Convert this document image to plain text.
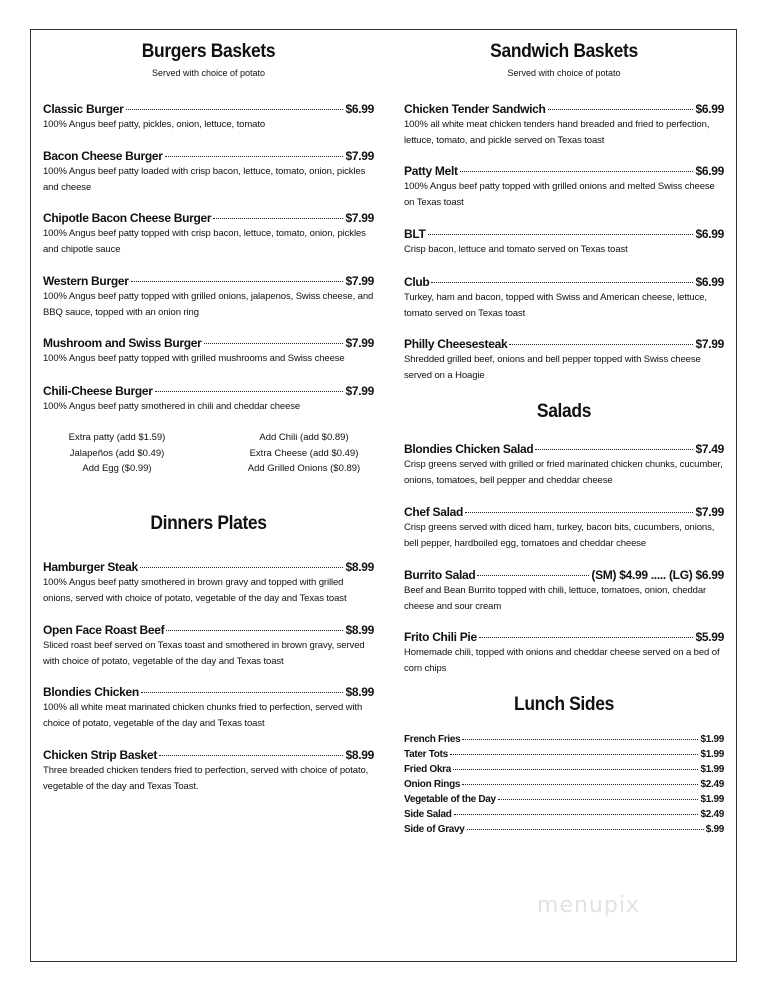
Burgers Baskets
Served with choice of potato
Classic Burger	$6.99
100% Angus beef patty, pickles, onion, lettuce, tomato
Bacon Cheese Burger	$7.99
100% Angus beef patty loaded with crisp bacon, lettuce, tomato, onion, pickles and cheese
Chipotle Bacon Cheese Burger	$7.99
100% Angus beef patty topped with crisp bacon, lettuce, tomato, onion, pickles and chipotle sauce
Western Burger	$7.99
100% Angus beef patty topped with grilled onions, jalapenos, Swiss cheese, and BBQ sauce, topped with an onion ring
Mushroom and Swiss Burger	$7.99
100% Angus beef patty topped with grilled mushrooms and Swiss cheese
Chili-Cheese Burger	$7.99
100% Angus beef patty smothered in chili and cheddar cheese
Extra patty (add $1.59)
Jalapeños (add $0.49)
Add Egg ($0.99)
Add Chili (add $0.89)
Extra Cheese (add $0.49)
Add Grilled Onions ($0.89)
Dinners Plates
Hamburger Steak	$8.99
100% Angus beef patty smothered in brown gravy and topped with grilled onions, served with choice of potato, vegetable of the day and Texas toast
Open Face Roast Beef	$8.99
Sliced roast beef served on Texas toast and smothered in brown gravy, served with choice of potato, vegetable of the day and Texas toast
Blondies Chicken	$8.99
100% all white meat marinated chicken chunks fried to perfection, served with choice of potato, vegetable of the day and Texas toast
Chicken Strip Basket	$8.99
Three breaded chicken tenders fried to perfection, served with choice of potato, vegetable of the day and Texas Toast.
Sandwich Baskets
Served with choice of potato
Chicken Tender Sandwich	$6.99
100% all white meat chicken tenders hand breaded and fried to perfection, lettuce, tomato, and pickle served on Texas toast
Patty Melt	$6.99
100% Angus beef patty topped with grilled onions and melted Swiss cheese on Texas toast
BLT	$6.99
Crisp bacon, lettuce and tomato served on Texas toast
Club	$6.99
Turkey, ham and bacon, topped with Swiss and American cheese, lettuce, tomato served on Texas toast
Philly Cheesesteak	$7.99
Shredded grilled beef, onions and bell pepper topped with Swiss cheese served on a Hoagie
Salads
Blondies Chicken Salad	$7.49
Crisp greens served with grilled or fried marinated chicken chunks, cucumber, onions, tomatoes, bell pepper and cheddar cheese
Chef Salad	$7.99
Crisp greens served with diced ham, turkey, bacon bits, cucumbers, onions, bell pepper, hardboiled egg, tomatoes and cheddar cheese
Burrito Salad	(SM) $4.99 ..... (LG) $6.99
Beef and Bean Burrito topped with chili, lettuce, tomatoes, onion, cheddar cheese and sour cream
Frito Chili Pie	$5.99
Homemade chili, topped with onions and cheddar cheese served on a bed of corn chips
Lunch Sides
French Fries	$1.99
Tater Tots	$1.99
Fried Okra	$1.99
Onion Rings	$2.49
Vegetable of the Day	$1.99
Side Salad	$2.49
Side of Gravy	$.99
menupix
